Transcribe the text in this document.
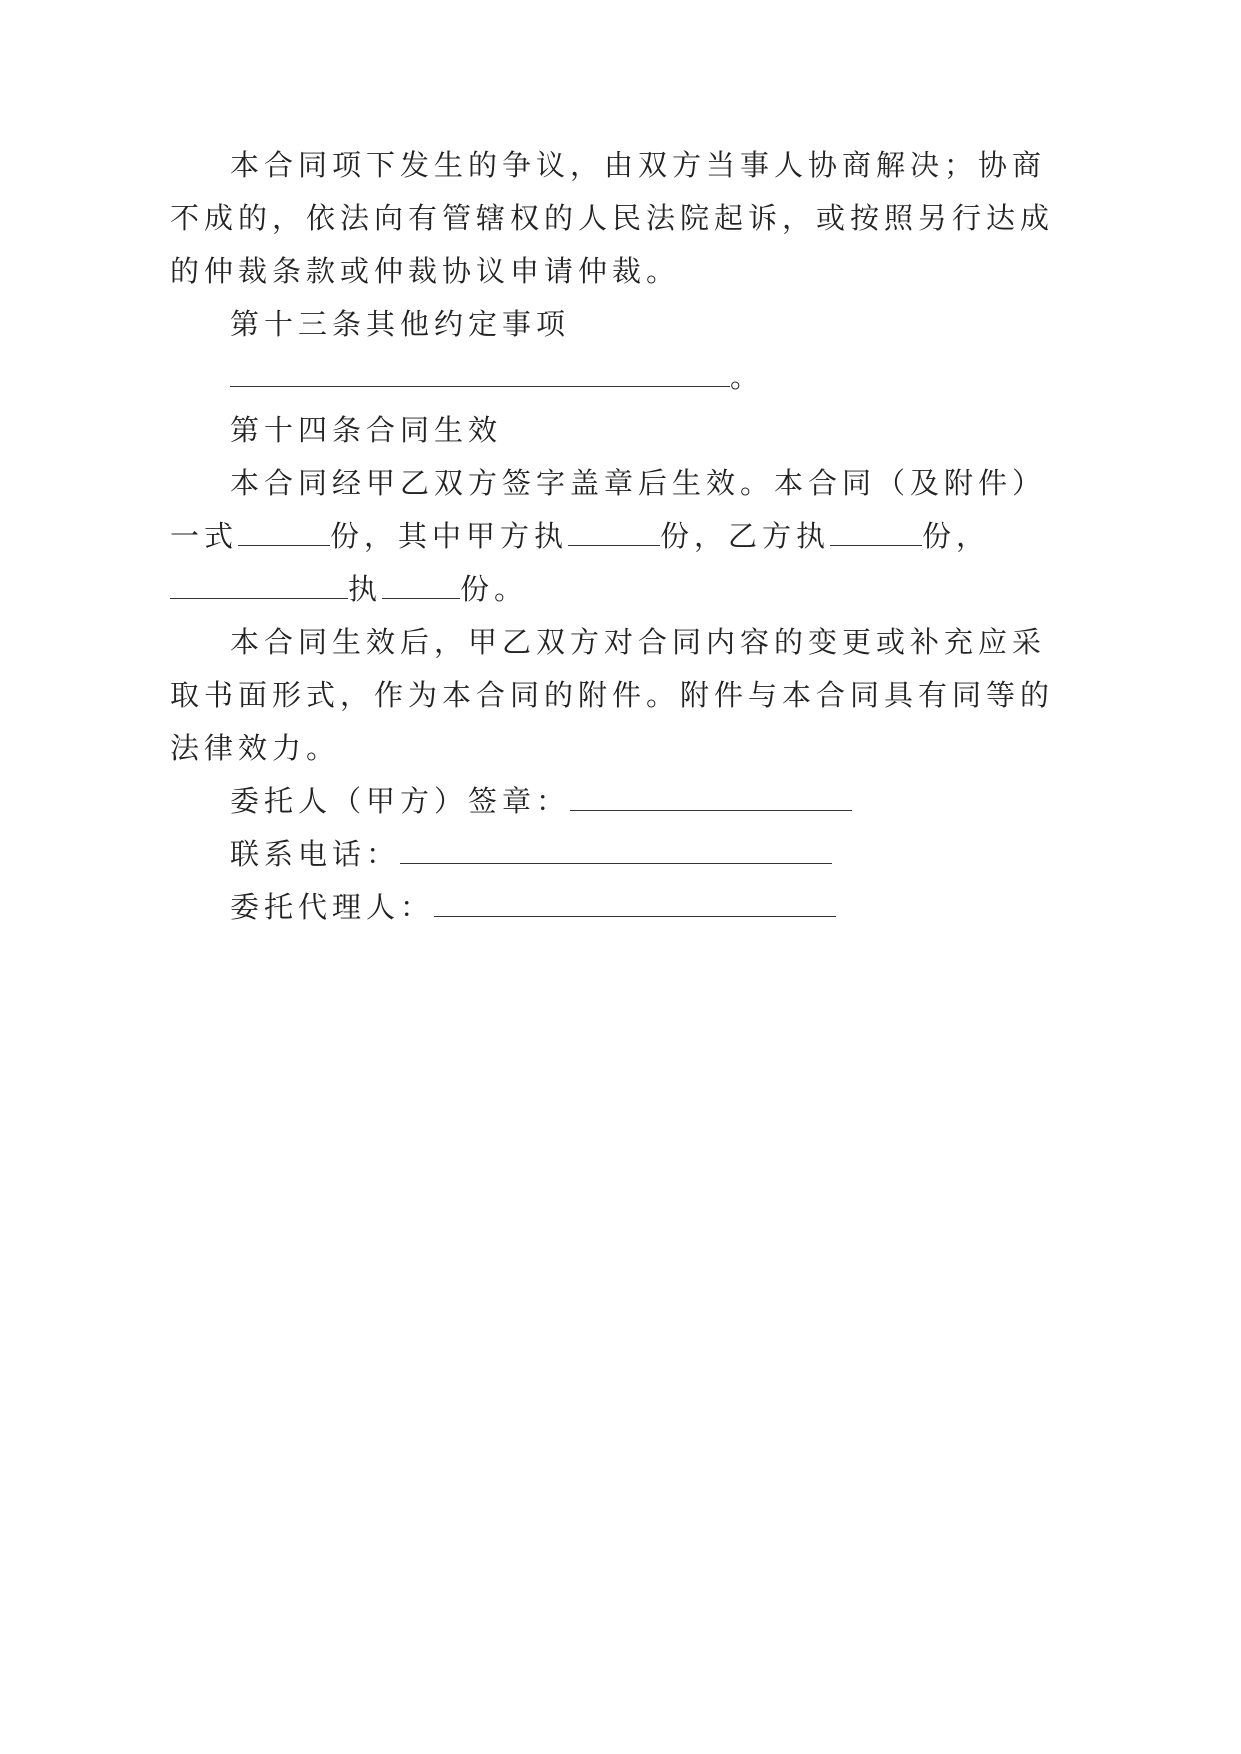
本合同项下发生的争议，由双方当事人协商解决；协商
不成的，依法向有管辖权的人民法院起诉，或按照另行达成
的仲裁条款或仲裁协议申请仲裁。
第十三条其他约定事项
。
第十四条合同生效
本合同经甲乙双方签字盖章后生效。本合同（及附件）
一式	份，其中甲方执	份，乙方执	份，
执	份。
本合同生效后，甲乙双方对合同内容的变更或补充应采
取书面形式，作为本合同的附件。附件与本合同具有同等的
法律效力。
委托人（甲方）签章：
联系电话：
委托代理人：
